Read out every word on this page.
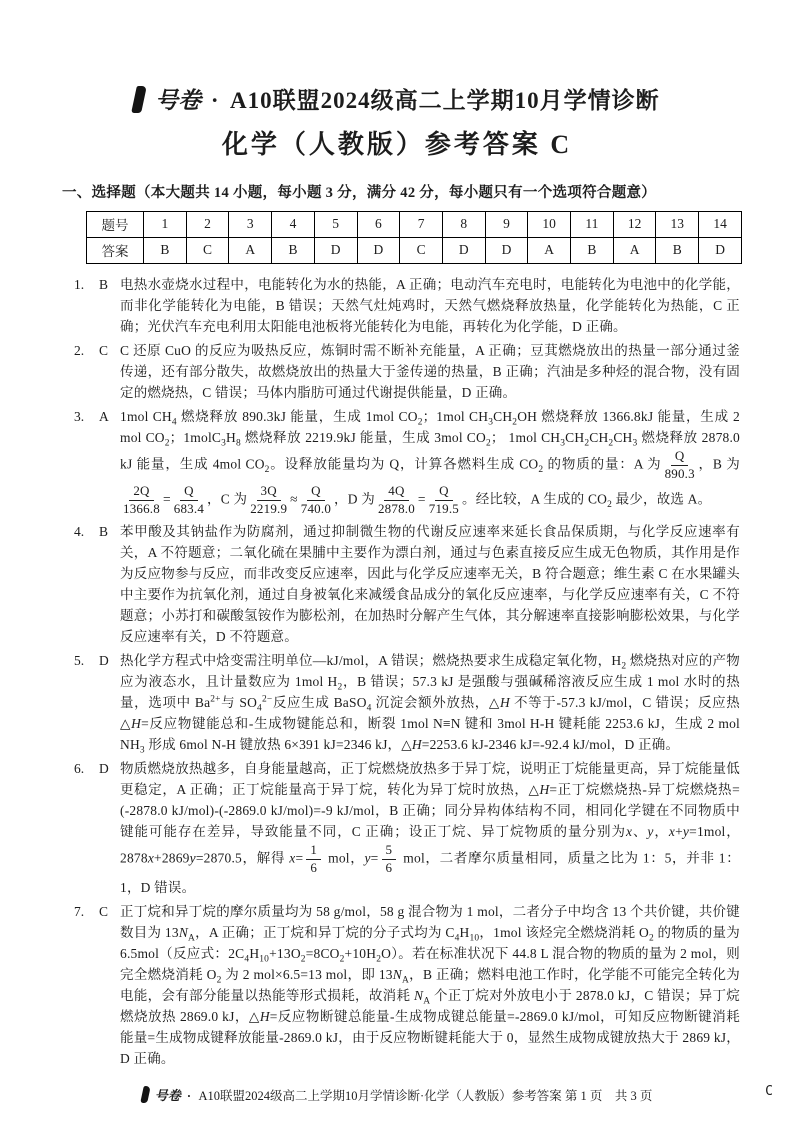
号卷 · A10联盟2024级高二上学期10月学情诊断
化学（人教版）参考答案 C
一、选择题（本大题共 14 小题，每小题 3 分，满分 42 分，每小题只有一个选项符合题意）
题号	1	2	3	4	5	6	7	8	9	10	11	12	13	14
答案	B	C	A	B	D	D	C	D	D	A	B	A	B	D
1.	B 电热水壶烧水过程中，电能转化为水的热能，A 正确；电动汽车充电时，电能转化为电池中的化学能，而非化学能转化为电能，B 错误；天然气灶炖鸡时，天然气燃烧释放热量，化学能转化为热能，C 正确；光伏汽车充电利用太阳能电池板将光能转化为电能，再转化为化学能，D 正确。
2.	C C 还原 CuO 的反应为吸热反应，炼铜时需不断补充能量，A 正确；豆萁燃烧放出的热量一部分通过釜传递，还有部分散失，故燃烧放出的热量大于釜传递的热量，B 正确；汽油是多种烃的混合物，没有固定的燃烧热，C 错误；马体内脂肪可通过代谢提供能量，D 正确。
3.	A 1mol $CH_4$ 燃烧释放 890.3kJ 能量，生成 1mol $CO_2$；1mol $CH_3CH_2OH$ 燃烧释放 1366.8kJ 能量，生成 2 mol $CO_2$；$1molC_3H_8$ 燃烧释放 2219.9kJ 能量，生成 3mol $CO_2$； 1mol $CH_3CH_2CH_2CH_3$ 燃烧释放 2878.0 kJ 能量，生成 4mol $CO_2$。设释放能量均为 Q，计算各燃料生成 $CO_2$ 的物质的量：A 为 $\frac{Q}{890.3}$ ，B 为
$\frac{2Q}{1366.8} = \frac{Q}{683.4}$ ，C 为 $\frac{3Q}{2219.9} \approx \frac{Q}{740.0}$ ，D 为 $\frac{4Q}{2878.0} = \frac{Q}{719.5}$ 。经比较，A 生成的 $CO_2$ 最少，故选 A。
4.	B 苯甲酸及其钠盐作为防腐剂，通过抑制微生物的代谢反应速率来延长食品保质期，与化学反应速率有关，A 不符题意；二氧化硫在果脯中主要作为漂白剂，通过与色素直接反应生成无色物质，其作用是作为反应物参与反应，而非改变反应速率，因此与化学反应速率无关，B 符合题意；维生素 C 在水果罐头中主要作为抗氧化剂，通过自身被氧化来减缓食品成分的氧化反应速率，与化学反应速率有关，C 不符题意；小苏打和碳酸氢铵作为膨松剂，在加热时分解产生气体，其分解速率直接影响膨松效果，与化学反应速率有关，D 不符题意。
5.	D 热化学方程式中焓变需注明单位—kJ/mol，A 错误；燃烧热要求生成稳定氧化物，$H_2$ 燃烧热对应的产物应为液态水，且计量数应为 1mol $H_2$，B 错误；57.3 kJ 是强酸与强碱稀溶液反应生成 1 mol 水时的热量，选项中 $Ba^{2+}$与 $SO_4^{2-}$反应生成 BaSO$_4$ 沉淀会额外放热，△H 不等于-57.3 kJ/mol，C 错误；反应热△H=反应物键能总和-生成物键能总和，断裂 1mol N≡N 键和 3mol H-H 键耗能 2253.6 kJ，生成 2 mol $NH_3$ 形成 6mol N-H 键放热 6×391 kJ=2346 kJ，△H=2253.6 kJ-2346 kJ=-92.4 kJ/mol，D 正确。
6.	D 物质燃烧放热越多，自身能量越高，正丁烷燃烧放热多于异丁烷，说明正丁烷能量更高，异丁烷能量低更稳定，A 正确；正丁烷能量高于异丁烷，转化为异丁烷时放热，△H=正丁烷燃烧热-异丁烷燃烧热=(-2878.0 kJ/mol)-(-2869.0 kJ/mol)=-9 kJ/mol，B 正确；同分异构体结构不同，相同化学键在不同物质中键能可能存在差异，导致能量不同，C 正确；设正丁烷、异丁烷物质的量分别为x、y，x+y=1mol，2878x+2869y=2870.5，解得 $x= \frac{1}{6}$ mol，$y= \frac{5}{6}$ mol，二者摩尔质量相同，质量之比为 1：5，并非 1：1，D 错误。
7.	C 正丁烷和异丁烷的摩尔质量均为 58 g/mol，58 g 混合物为 1 mol，二者分子中均含 13 个共价键，共价键数目为 $13N_A$，A 正确；正丁烷和异丁烷的分子式均为 $C_4H_{10}$，1mol 该烃完全燃烧消耗 $O_2$ 的物质的量为 6.5mol（反应式：$2C_4H_{10}+13O_2=8CO_2+10H_2O$）。若在标准状况下 44.8 L 混合物的物质的量为 2 mol，则完全燃烧消耗 $O_2$ 为 2 mol×6.5=13 mol，即 $13N_A$，B 正确；燃料电池工作时，化学能不可能完全转化为电能，会有部分能量以热能等形式损耗，故消耗 $N_A$ 个正丁烷对外放电小于 2878.0 kJ，C 错误；异丁烷燃烧放热 2869.0 kJ，△H=反应物断键总能量-生成物成键总能量=-2869.0 kJ/mol，可知反应物断键消耗能量=生成物成键释放能量-2869.0 kJ，由于反应物断键耗能大于 0，显然生成物成键放热大于 2869 kJ，D 正确。
号卷 · A10联盟2024级高二上学期10月学情诊断·化学（人教版）参考答案 第 1 页　共 3 页	C
